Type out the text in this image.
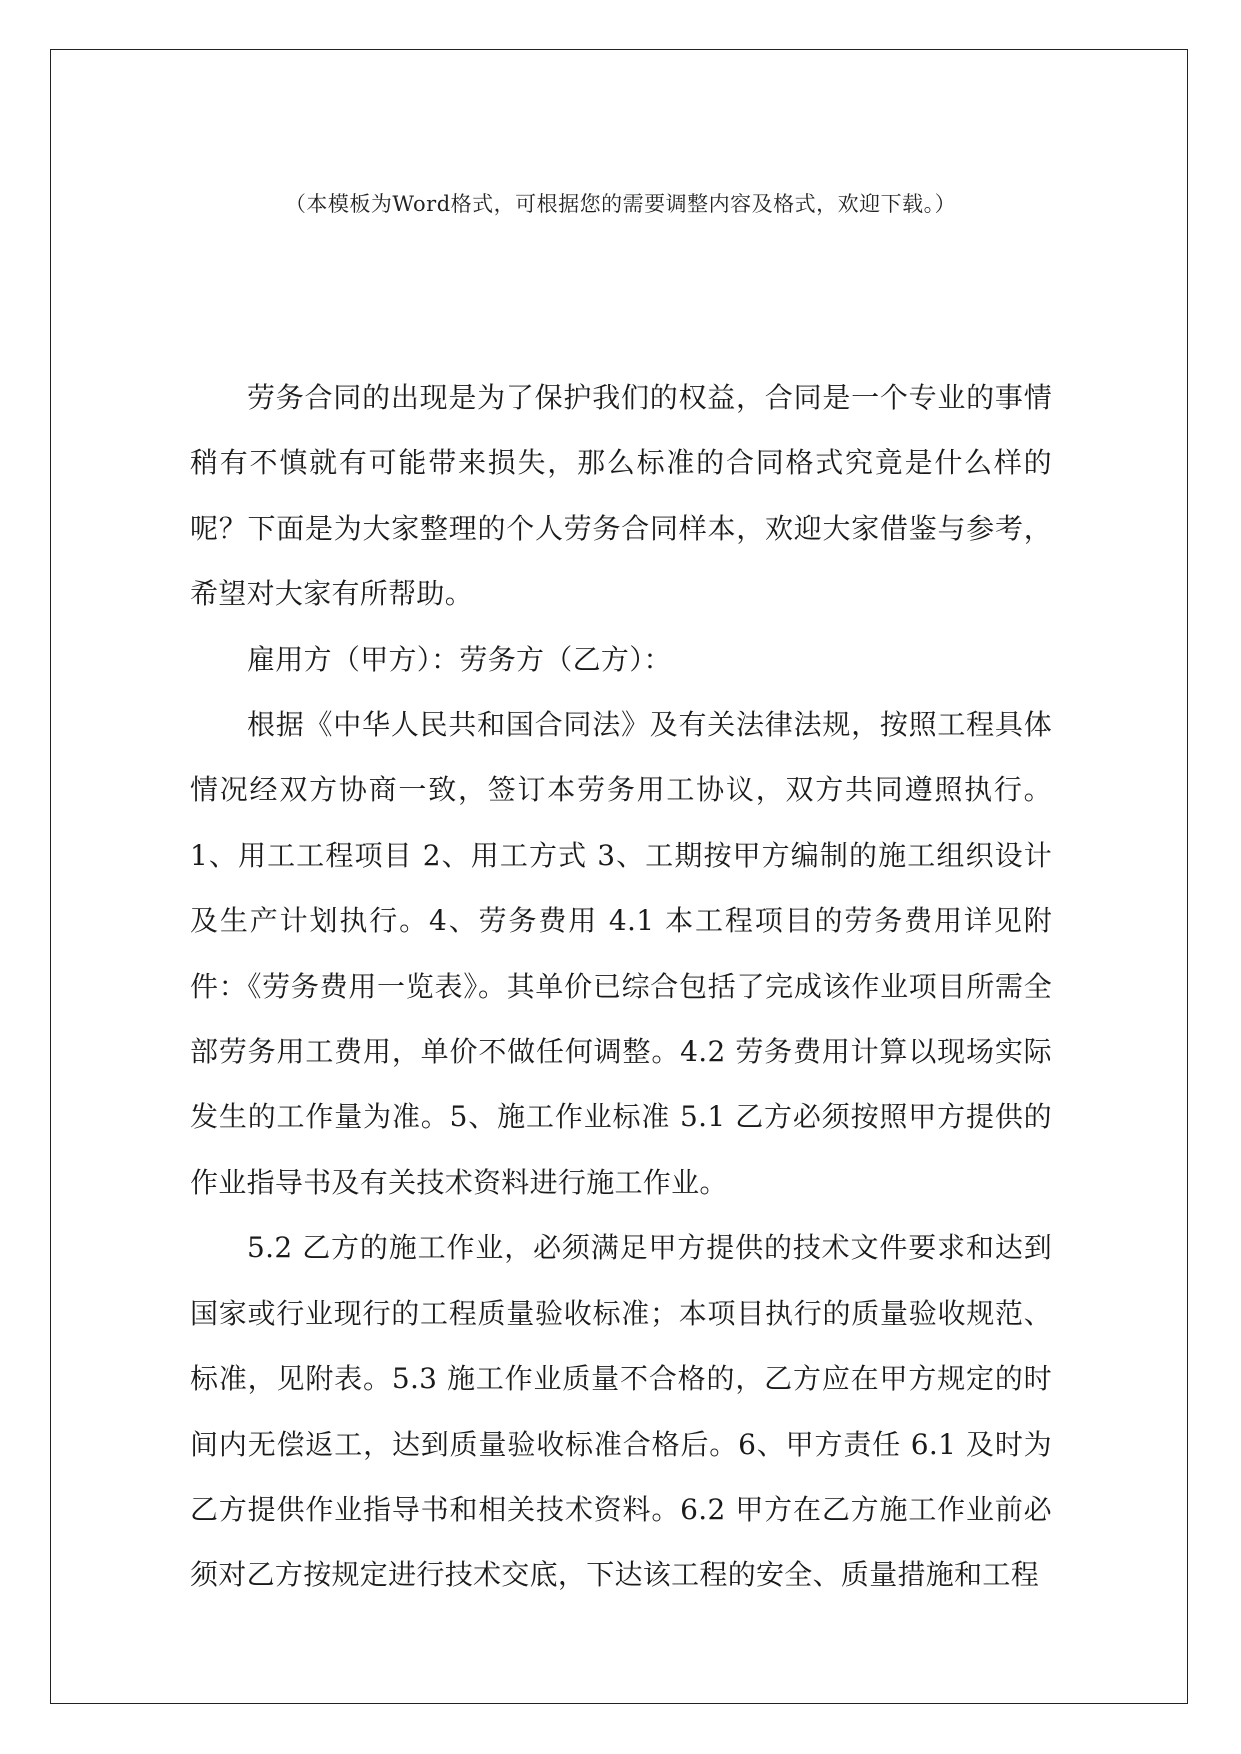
（本模板为Word格式，可根据您的需要调整内容及格式，欢迎下载。）

劳务合同的出现是为了保护我们的权益，合同是一个专业的事情稍有不慎就有可能带来损失，那么标准的合同格式究竟是什么样的呢？下面是为大家整理的个人劳务合同样本，欢迎大家借鉴与参考，希望对大家有所帮助。

雇用方（甲方）：劳务方（乙方）：

根据《中华人民共和国合同法》及有关法律法规，按照工程具体情况经双方协商一致，签订本劳务用工协议，双方共同遵照执行。1、用工工程项目 2、用工方式 3、工期按甲方编制的施工组织设计及生产计划执行。4、劳务费用 4.1 本工程项目的劳务费用详见附件：《劳务费用一览表》。其单价已综合包括了完成该作业项目所需全部劳务用工费用，单价不做任何调整。4.2 劳务费用计算以现场实际发生的工作量为准。5、施工作业标准 5.1 乙方必须按照甲方提供的作业指导书及有关技术资料进行施工作业。

5.2 乙方的施工作业，必须满足甲方提供的技术文件要求和达到国家或行业现行的工程质量验收标准；本项目执行的质量验收规范、标准，见附表。5.3 施工作业质量不合格的，乙方应在甲方规定的时间内无偿返工，达到质量验收标准合格后。6、甲方责任 6.1 及时为乙方提供作业指导书和相关技术资料。6.2 甲方在乙方施工作业前必须对乙方按规定进行技术交底，下达该工程的安全、质量措施和工程
